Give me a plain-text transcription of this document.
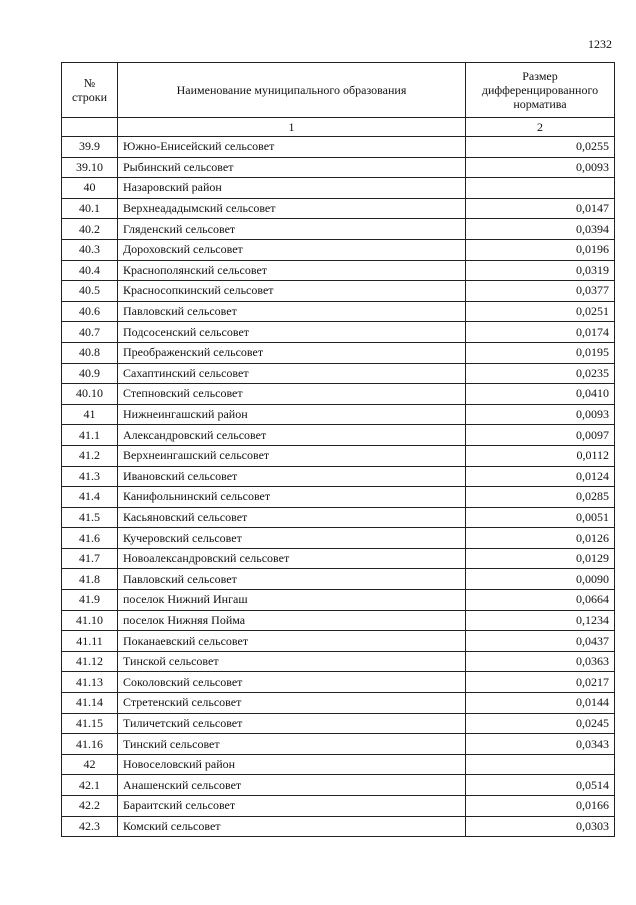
1232
№
строки	Наименование муниципального образования	Размер дифференцированного норматива
	1	2
39.9	Южно-Енисейский сельсовет	0,0255
39.10	Рыбинский сельсовет	0,0093
40	Назаровский район	
40.1	Верхнеададымский сельсовет	0,0147
40.2	Гляденский сельсовет	0,0394
40.3	Дороховский сельсовет	0,0196
40.4	Краснополянский сельсовет	0,0319
40.5	Красносопкинский сельсовет	0,0377
40.6	Павловский сельсовет	0,0251
40.7	Подсосенский сельсовет	0,0174
40.8	Преображенский сельсовет	0,0195
40.9	Сахаптинский сельсовет	0,0235
40.10	Степновский сельсовет	0,0410
41	Нижнеингашский район	0,0093
41.1	Александровский сельсовет	0,0097
41.2	Верхнеингашский сельсовет	0,0112
41.3	Ивановский сельсовет	0,0124
41.4	Канифольнинский сельсовет	0,0285
41.5	Касьяновский сельсовет	0,0051
41.6	Кучеровский сельсовет	0,0126
41.7	Новоалександровский сельсовет	0,0129
41.8	Павловский сельсовет	0,0090
41.9	поселок Нижний Ингаш	0,0664
41.10	поселок Нижняя Пойма	0,1234
41.11	Поканаевский сельсовет	0,0437
41.12	Тинской сельсовет	0,0363
41.13	Соколовский сельсовет	0,0217
41.14	Стретенский сельсовет	0,0144
41.15	Тиличетский сельсовет	0,0245
41.16	Тинский сельсовет	0,0343
42	Новоселовский район	
42.1	Анашенский сельсовет	0,0514
42.2	Бараитский сельсовет	0,0166
42.3	Комский сельсовет	0,0303
